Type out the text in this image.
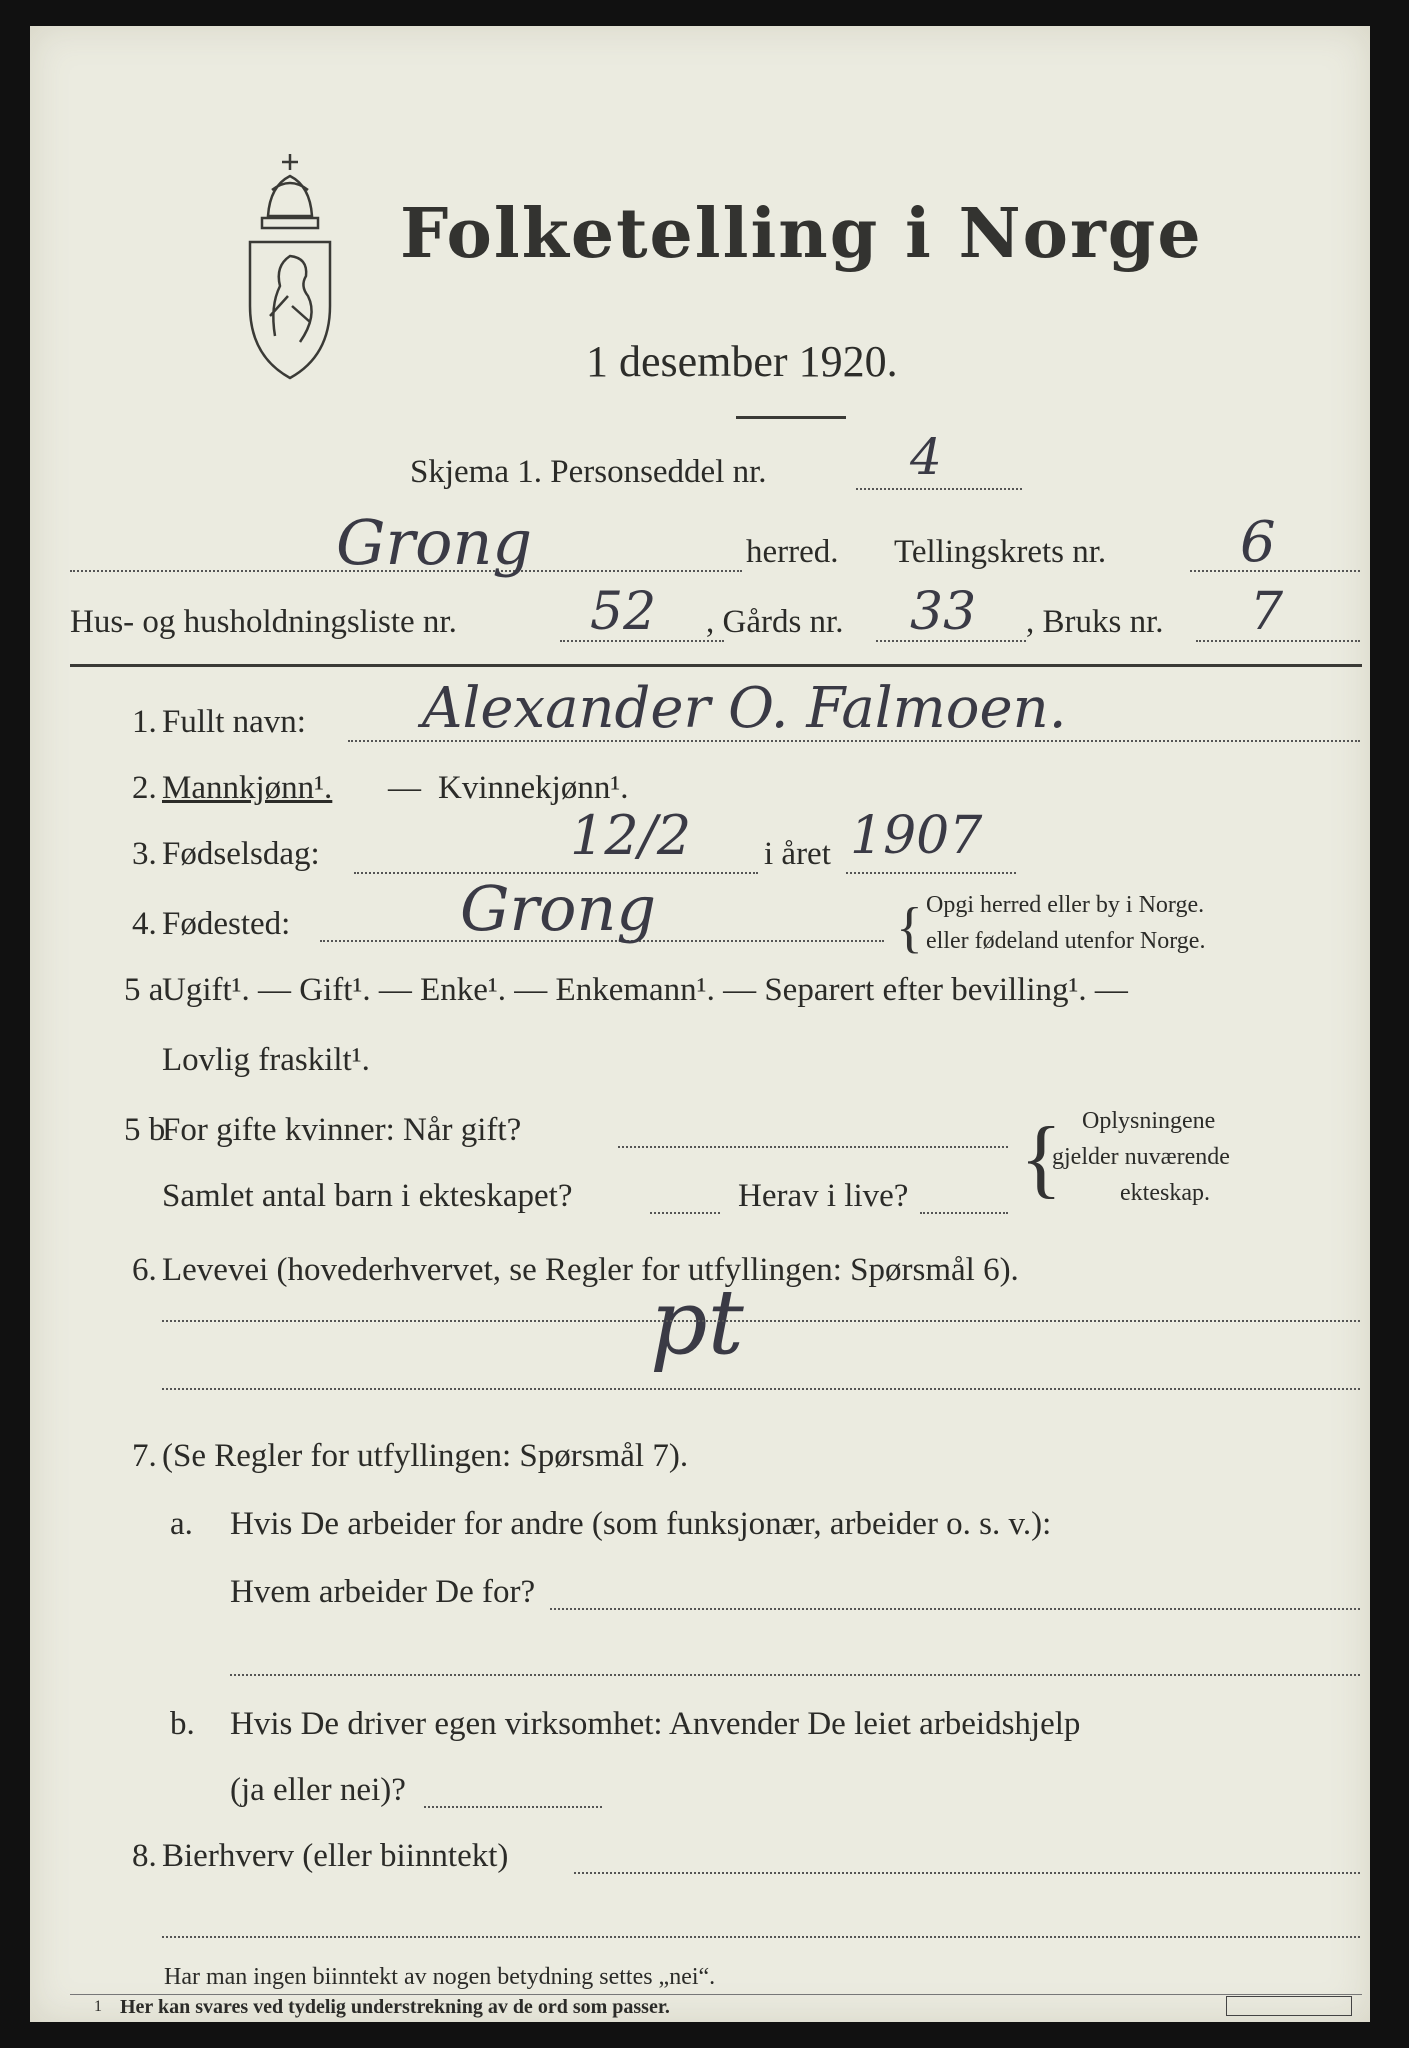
Folketelling i Norge
1 desember 1920.
Skjema 1. Personseddel nr.	4
Grong	herred. Tellingskrets nr. 6
Hus- og husholdningsliste nr.	52 , Gårds nr. 33 , Bruks nr. 7
1. Fullt navn: Alexander O. Falmoen.
2. Mannkjønn¹. — Kvinnekjønn¹.
3. Fødselsdag:	12/2 i året 1907
4. Fødested:	Grong	{ Opgi herred eller by i Norge.
eller fødeland utenfor Norge.
5 a
Ugift¹. — Gift¹. — Enke¹. — Enkemann¹. — Separert efter bevilling¹. —
Lovlig fraskilt¹.
5 b
For gifte kvinner: Når gift?
Samlet antal barn i ekteskapet?	Herav i live? { Oplysningene
gjelder nuværende
ekteskap.
6. Levevei (hovederhvervet, se Regler for utfyllingen: Spørsmål 6).
pt
7. (Se Regler for utfyllingen: Spørsmål 7).
a. Hvis De arbeider for andre (som funksjonær, arbeider o. s. v.):
Hvem arbeider De for?
b. Hvis De driver egen virksomhet: Anvender De leiet arbeidshjelp
(ja eller nei)?
8. Bierhverv (eller biinntekt)
Har man ingen biinntekt av nogen betydning settes „nei“.
1 Her kan svares ved tydelig understrekning av de ord som passer.
